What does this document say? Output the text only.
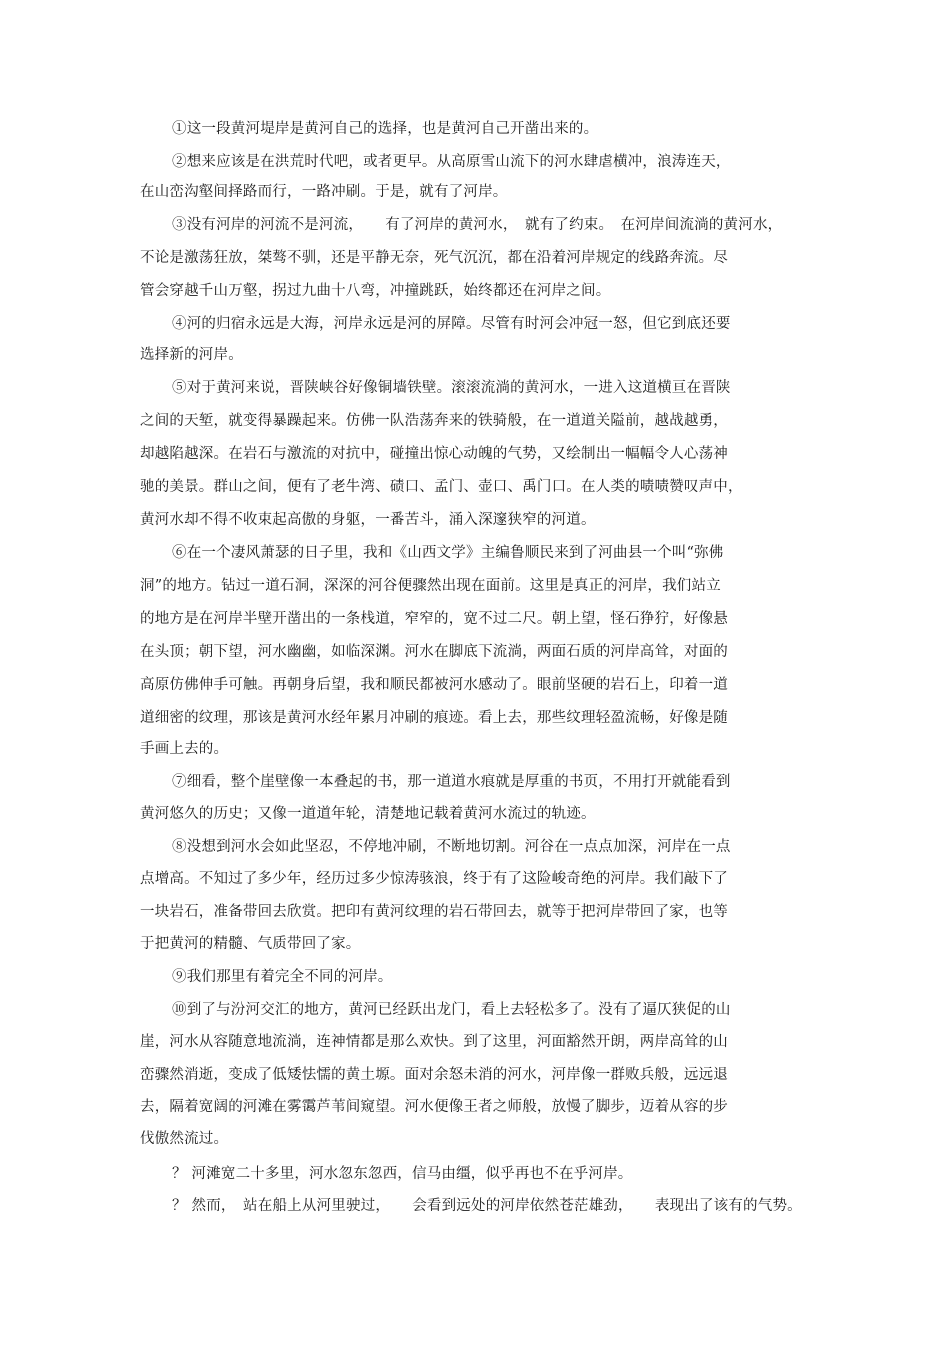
①这一段黄河堤岸是黄河自己的选择，也是黄河自己开凿出来的。
②想来应该是在洪荒时代吧，或者更早。从高原雪山流下的河水肆虐横冲，浪涛连天，
在山峦沟壑间择路而行，一路冲刷。于是，就有了河岸。
③没有河岸的河流不是河流，　　有了河岸的黄河水，　就有了约束。　在河岸间流淌的黄河水，
不论是激荡狂放，桀骜不驯，还是平静无奈，死气沉沉，都在沿着河岸规定的线路奔流。尽
管会穿越千山万壑，拐过九曲十八弯，冲撞跳跃，始终都还在河岸之间。
④河的归宿永远是大海，河岸永远是河的屏障。尽管有时河会冲冠一怒，但它到底还要
选择新的河岸。
⑤对于黄河来说，晋陕峡谷好像铜墙铁壁。滚滚流淌的黄河水，一进入这道横亘在晋陕
之间的天堑，就变得暴躁起来。仿佛一队浩荡奔来的铁骑般，在一道道关隘前，越战越勇，
却越陷越深。在岩石与激流的对抗中，碰撞出惊心动魄的气势，又绘制出一幅幅令人心荡神
驰的美景。群山之间，便有了老牛湾、碛口、孟门、壶口、禹门口。在人类的啧啧赞叹声中，
黄河水却不得不收束起高傲的身躯，一番苦斗，涌入深邃狭窄的河道。
⑥在一个凄风萧瑟的日子里，我和《山西文学》主编鲁顺民来到了河曲县一个叫“弥佛
洞”的地方。钻过一道石洞，深深的河谷便骤然出现在面前。这里是真正的河岸，我们站立
的地方是在河岸半壁开凿出的一条栈道，窄窄的，宽不过二尺。朝上望，怪石狰狞，好像悬
在头顶；朝下望，河水幽幽，如临深渊。河水在脚底下流淌，两面石质的河岸高耸，对面的
高原仿佛伸手可触。再朝身后望，我和顺民都被河水感动了。眼前坚硬的岩石上，印着一道
道细密的纹理，那该是黄河水经年累月冲刷的痕迹。看上去，那些纹理轻盈流畅，好像是随
手画上去的。
⑦细看，整个崖壁像一本叠起的书，那一道道水痕就是厚重的书页，不用打开就能看到
黄河悠久的历史；又像一道道年轮，清楚地记载着黄河水流过的轨迹。
⑧没想到河水会如此坚忍，不停地冲刷，不断地切割。河谷在一点点加深，河岸在一点
点增高。不知过了多少年，经历过多少惊涛骇浪，终于有了这险峻奇绝的河岸。我们敲下了
一块岩石，准备带回去欣赏。把印有黄河纹理的岩石带回去，就等于把河岸带回了家，也等
于把黄河的精髓、气质带回了家。
⑨我们那里有着完全不同的河岸。
⑩到了与汾河交汇的地方，黄河已经跃出龙门，看上去轻松多了。没有了逼仄狭促的山
崖，河水从容随意地流淌，连神情都是那么欢快。到了这里，河面豁然开朗，两岸高耸的山
峦骤然消逝，变成了低矮怯懦的黄土塬。面对余怒未消的河水，河岸像一群败兵般，远远退
去，隔着宽阔的河滩在雾霭芦苇间窥望。河水便像王者之师般，放慢了脚步，迈着从容的步
伐傲然流过。
？ 河滩宽二十多里，河水忽东忽西，信马由缰，似乎再也不在乎河岸。
？ 然而，　站在船上从河里驶过，　　会看到远处的河岸依然苍茫雄劲，　　表现出了该有的气势。
